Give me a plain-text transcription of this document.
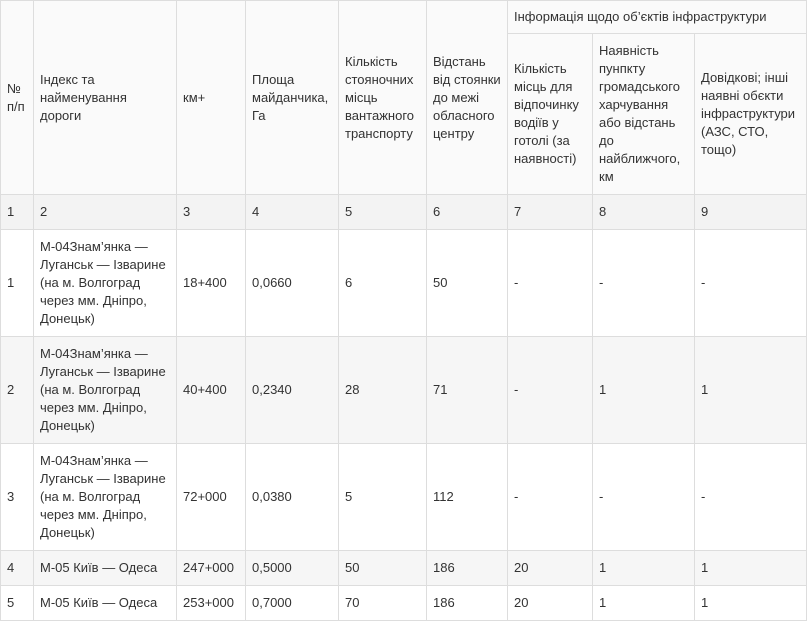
№ п/п	Індекс та найменування дороги	км+	Площа майданчика, Га	Кількість стояночних місць вантажного транспорту	Відстань від стоянки до межі обласного центру	Інформація щодо об’єктів інфраструктури		
						Кількість місць для відпочинку водіїв у готолі (за наявності)	Наявність пунпкту громадського харчування або відстань до найближчого, км	Довідкові; інші наявні обєкти інфраструктури (АЗС, СТО, тощо)
1	2	3	4	5	6	7	8	9
1	М-04Знам’янка — Луганськ — Ізварине (на м. Волгоград через мм. Дніпро, Донецьк)	18+400	0,0660	6	50	-	-	-
2	М-04Знам’янка — Луганськ — Ізварине (на м. Волгоград через мм. Дніпро, Донецьк)	40+400	0,2340	28	71	-	1	1
3	М-04Знам’янка — Луганськ — Ізварине (на м. Волгоград через мм. Дніпро, Донецьк)	72+000	0,0380	5	112	-	-	-
4	М-05 Київ — Одеса	247+000	0,5000	50	186	20	1	1
5	М-05 Київ — Одеса	253+000	0,7000	70	186	20	1	1
